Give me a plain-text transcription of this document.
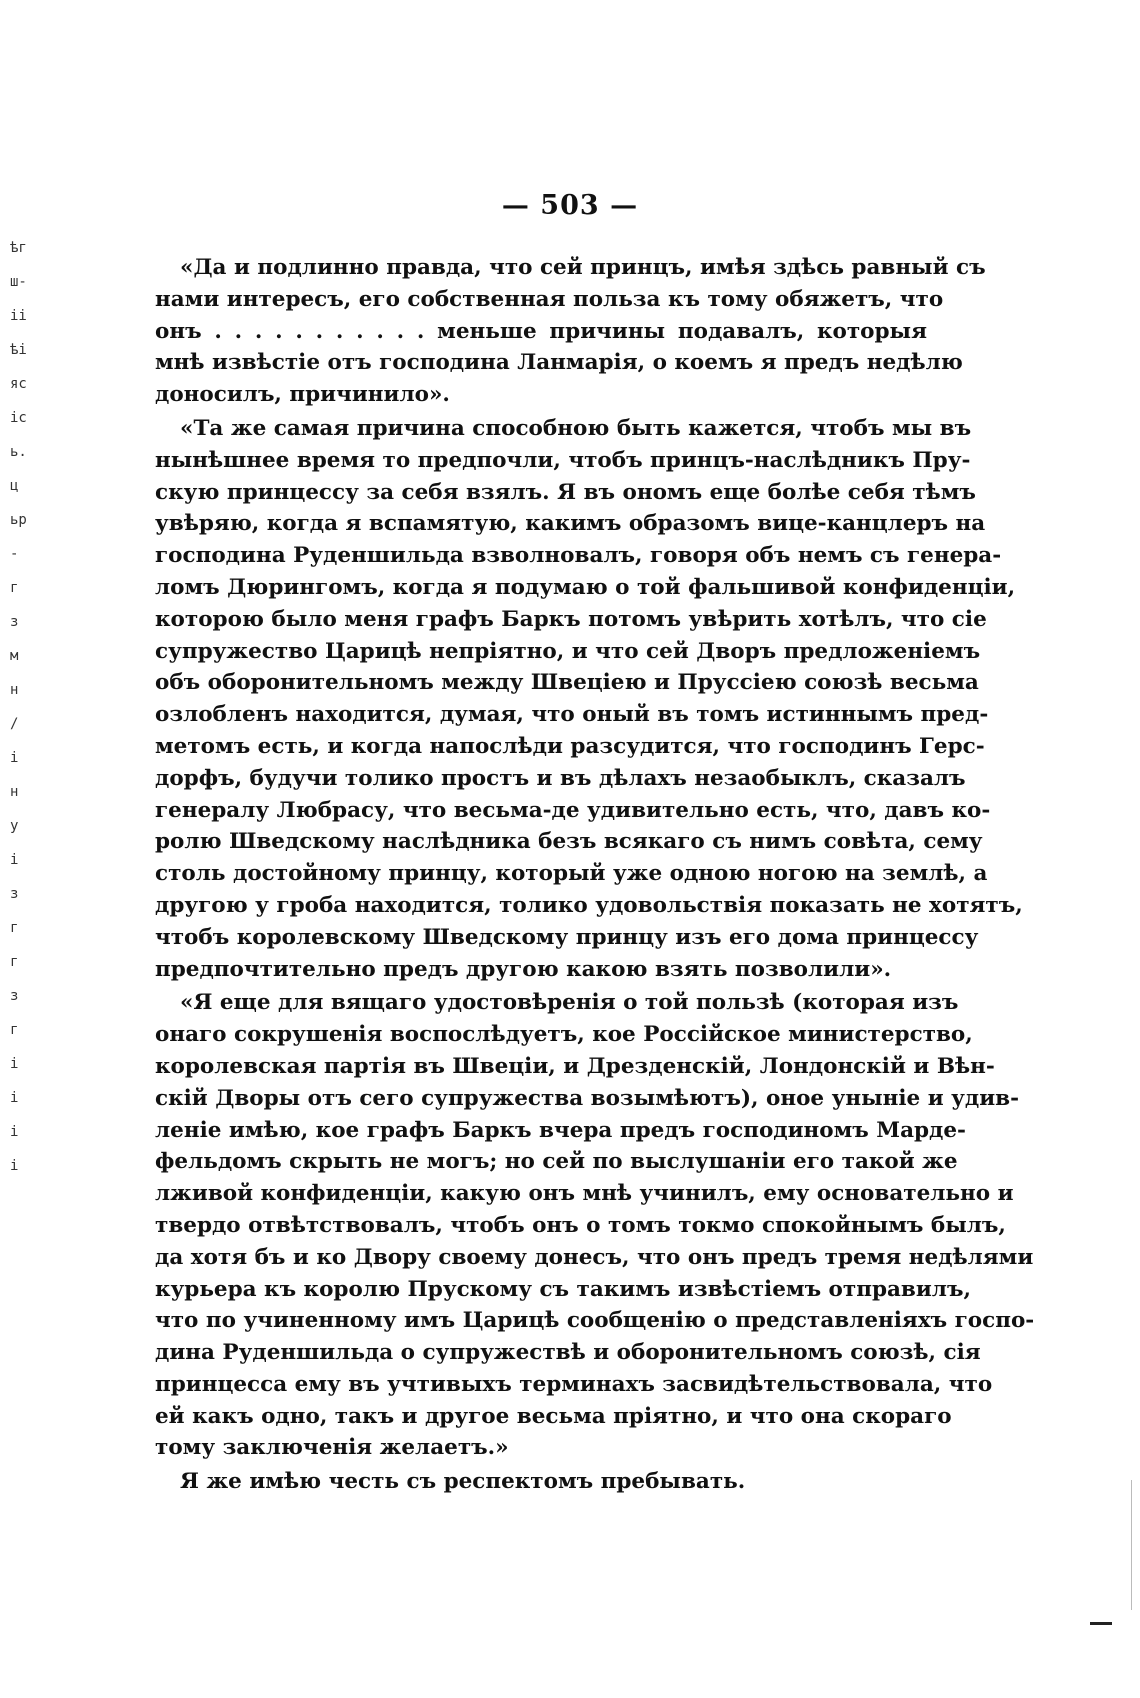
— 503 —
ѣг
ш-
іі
ѣі
яс
іс
ь.
ц
ьр
-
г
з
м
н
/
і
н
у
і
з
г
г
з
г
і
і
і
і
«Да и подлинно правда, что сей принцъ, имѣя здѣсь равный съ
нами интересъ, его собственная польза къ тому обяжетъ, что
онъ . . . . . . . . . . . меньше причины подавалъ, которыя
мнѣ извѣстіе отъ господина Ланмарія, о коемъ я предъ недѣлю
доносилъ, причинило».
«Та же самая причина способною быть кажется, чтобъ мы въ
нынѣшнее время то предпочли, чтобъ принцъ-наслѣдникъ Пру-
скую принцессу за себя взялъ. Я въ ономъ еще болѣе себя тѣмъ
увѣряю, когда я вспамятую, какимъ образомъ вице-канцлеръ на
господина Руденшильда взволновалъ, говоря объ немъ съ генера-
ломъ Дюрингомъ, когда я подумаю о той фальшивой конфиденціи,
которою было меня графъ Баркъ потомъ увѣрить хотѣлъ, что сіе
супружество Царицѣ непріятно, и что сей Дворъ предложеніемъ
объ оборонительномъ между Швеціею и Пруссіею союзѣ весьма
озлобленъ находится, думая, что оный въ томъ истиннымъ пред-
метомъ есть, и когда напослѣди разсудится, что господинъ Герс-
дорфъ, будучи толико простъ и въ дѣлахъ незаобыклъ, сказалъ
генералу Любрасу, что весьма-де удивительно есть, что, давъ ко-
ролю Шведскому наслѣдника безъ всякаго съ нимъ совѣта, сему
столь достойному принцу, который уже одною ногою на землѣ, а
другою у гроба находится, толико удовольствія показать не хотятъ,
чтобъ королевскому Шведскому принцу изъ его дома принцессу
предпочтительно предъ другою какою взять позволили».
«Я еще для вящаго удостовѣренія о той пользѣ (которая изъ
онаго сокрушенія воспослѣдуетъ, кое Россійское министерство,
королевская партія въ Швеціи, и Дрезденскій, Лондонскій и Вѣн-
скій Дворы отъ сего супружества возымѣютъ), оное уныніе и удив-
леніе имѣю, кое графъ Баркъ вчера предъ господиномъ Марде-
фельдомъ скрыть не могъ; но сей по выслушаніи его такой же
лживой конфиденціи, какую онъ мнѣ учинилъ, ему основательно и
твердо отвѣтствовалъ, чтобъ онъ о томъ токмо спокойнымъ былъ,
да хотя бъ и ко Двору своему донесъ, что онъ предъ тремя недѣлями
курьера къ королю Прускому съ такимъ извѣстіемъ отправилъ,
что по учиненному имъ Царицѣ сообщенію о представленіяхъ госпо-
дина Руденшильда о супружествѣ и оборонительномъ союзѣ, сія
принцесса ему въ учтивыхъ терминахъ засвидѣтельствовала, что
ей какъ одно, такъ и другое весьма пріятно, и что она скораго
тому заключенія желаетъ.»
Я же имѣю честь съ респектомъ пребывать.
